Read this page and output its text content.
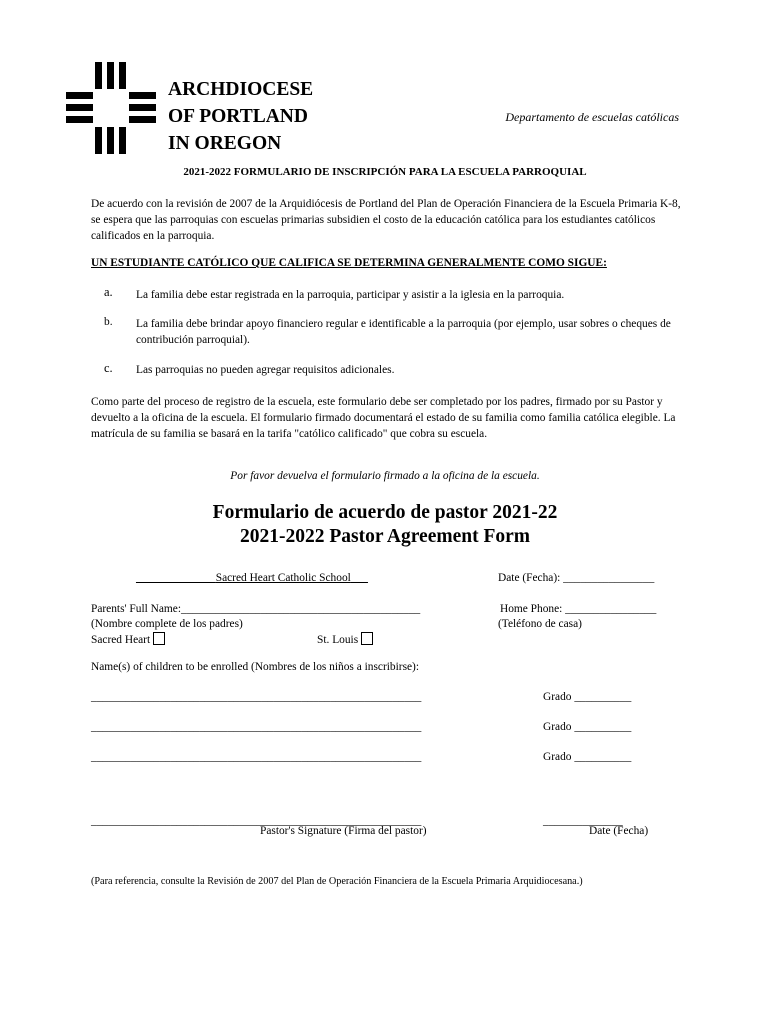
ARCHDIOCESE
OF PORTLAND
IN OREGON
Departamento de escuelas católicas
2021-2022 FORMULARIO DE INSCRIPCIÓN PARA LA ESCUELA PARROQUIAL
De acuerdo con la revisión de 2007 de la Arquidiócesis de Portland del Plan de Operación Financiera de la Escuela Primaria K-8, se espera que las parroquias con escuelas primarias subsidien el costo de la educación católica para los estudiantes católicos calificados en la parroquia.
UN ESTUDIANTE CATÓLICO QUE CALIFICA SE DETERMINA GENERALMENTE COMO SIGUE:
a. La familia debe estar registrada en la parroquia, participar y asistir a la iglesia en la parroquia.
b. La familia debe brindar apoyo financiero regular e identificable a la parroquia (por ejemplo, usar sobres o cheques de contribución parroquial).
c. Las parroquias no pueden agregar requisitos adicionales.
Como parte del proceso de registro de la escuela, este formulario debe ser completado por los padres, firmado por su Pastor y devuelto a la oficina de la escuela. El formulario firmado documentará el estado de su familia como familia católica elegible. La matrícula de su familia se basará en la tarifa "católico calificado" que cobra su escuela.
Por favor devuelva el formulario firmado a la oficina de la escuela.
Formulario de acuerdo de pastor 2021-22
2021-2022 Pastor Agreement Form
______________Sacred Heart Catholic School___	Date (Fecha): ________________
Parents' Full Name:__________________________________________	Home Phone: ________________
(Nombre complete de los padres)	(Teléfono de casa)
Sacred Heart	St. Louis
Name(s) of children to be enrolled (Nombres de los niños a inscribirse):
__________________________________________________________	Grado __________
__________________________________________________________	Grado __________
__________________________________________________________	Grado __________
__________________________________________________________	______________
Pastor's Signature (Firma del pastor)	Date (Fecha)
(Para referencia, consulte la Revisión de 2007 del Plan de Operación Financiera de la Escuela Primaria Arquidiocesana.)
